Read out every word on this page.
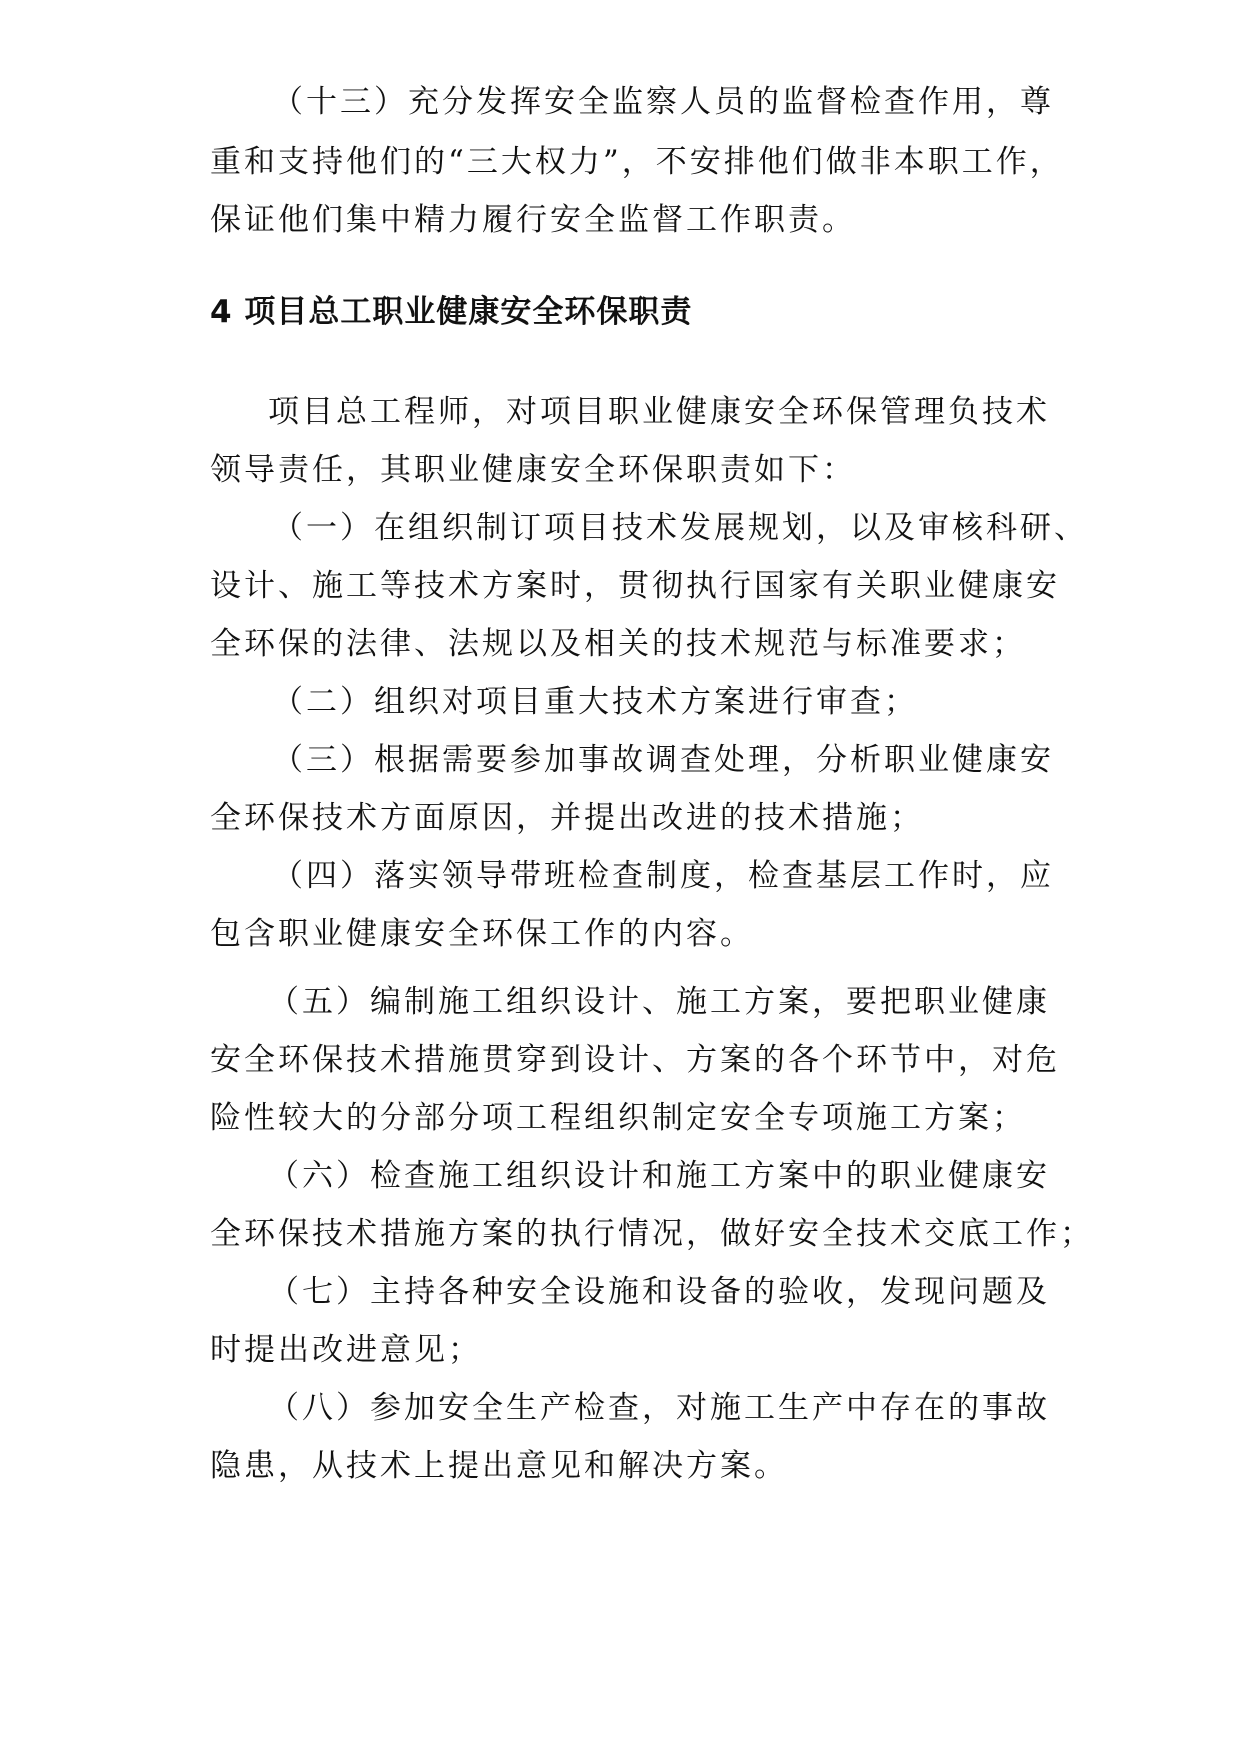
（十三）充分发挥安全监察人员的监督检查作用，尊
重和支持他们的“三大权力”，不安排他们做非本职工作，
保证他们集中精力履行安全监督工作职责。
4 项目总工职业健康安全环保职责
项目总工程师，对项目职业健康安全环保管理负技术
领导责任，其职业健康安全环保职责如下：
（一）在组织制订项目技术发展规划，以及审核科研、
设计、施工等技术方案时，贯彻执行国家有关职业健康安
全环保的法律、法规以及相关的技术规范与标准要求；
（二）组织对项目重大技术方案进行审查；
（三）根据需要参加事故调查处理，分析职业健康安
全环保技术方面原因，并提出改进的技术措施；
（四）落实领导带班检查制度，检查基层工作时，应
包含职业健康安全环保工作的内容。
（五）编制施工组织设计、施工方案，要把职业健康
安全环保技术措施贯穿到设计、方案的各个环节中，对危
险性较大的分部分项工程组织制定安全专项施工方案；
（六）检查施工组织设计和施工方案中的职业健康安
全环保技术措施方案的执行情况，做好安全技术交底工作；
（七）主持各种安全设施和设备的验收，发现问题及
时提出改进意见；
（八）参加安全生产检查，对施工生产中存在的事故
隐患，从技术上提出意见和解决方案。
